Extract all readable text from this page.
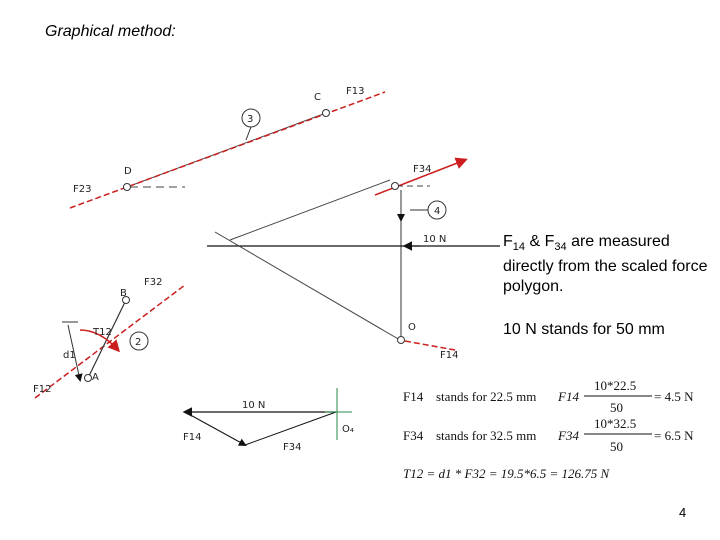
Graphical method:
C
F13
3
D
F23
F34
4
10 N
O
F14
B
F32
T12
2
d1
A
F12
10 N
F14
F34
O₄
F14 stands for 22.5 mm F14
10*22.5
50
= 4.5 N
F34 stands for 32.5 mm F34
10*32.5
50
= 6.5 N
T12 = d1 * F32 = 19.5*6.5 = 126.75 N
$F_{14}$ & $F_{34}$ are measured directly from the scaled force polygon.
10 N stands for 50 mm
4
